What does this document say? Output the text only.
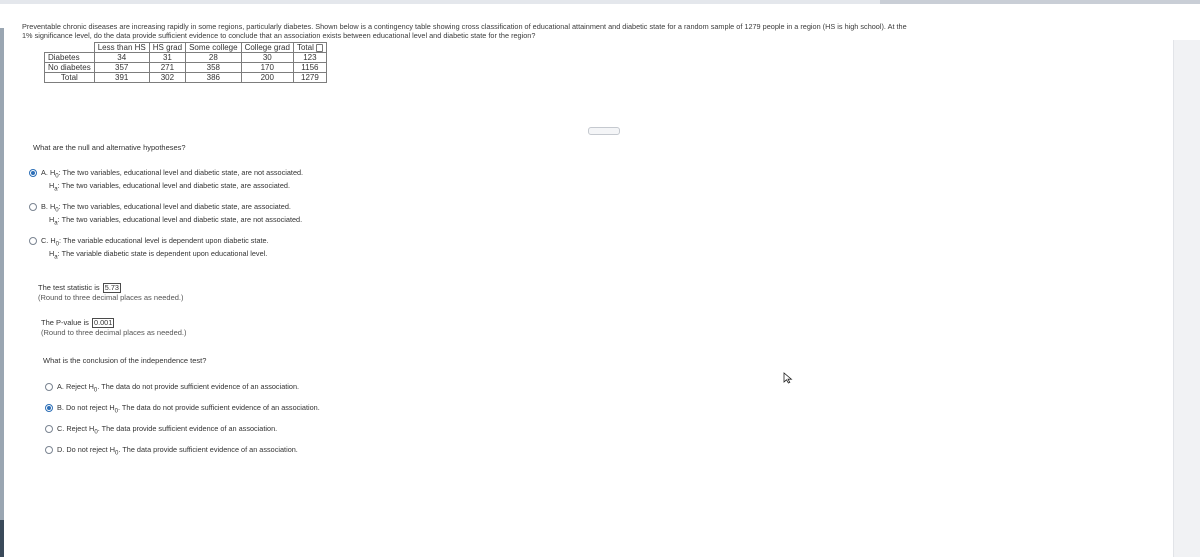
Preventable chronic diseases are increasing rapidly in some regions, particularly diabetes. Shown below is a contingency table showing cross classification of educational attainment and diabetic state for a random sample of 1279 people in a region (HS is high school). At the
1% significance level, do the data provide sufficient evidence to conclude that an association exists between educational level and diabetic state for the region?
	Less than HS	HS grad	Some college	College grad	Total
Diabetes	34	31	28	30	123
No diabetes	357	271	358	170	1156
Total	391	302	386	200	1279
What are the null and alternative hypotheses?
A. $H_0$: The two variables, educational level and diabetic state, are not associated.
$H_a$: The two variables, educational level and diabetic state, are associated.
B. $H_0$: The two variables, educational level and diabetic state, are associated.
$H_a$: The two variables, educational level and diabetic state, are not associated.
C. $H_0$: The variable educational level is dependent upon diabetic state.
$H_a$: The variable diabetic state is dependent upon educational level.
The test statistic is 5.73
(Round to three decimal places as needed.)
The P-value is 0.001
(Round to three decimal places as needed.)
What is the conclusion of the independence test?
A. Reject $H_0$. The data do not provide sufficient evidence of an association.
B. Do not reject $H_0$. The data do not provide sufficient evidence of an association.
C. Reject $H_0$. The data provide sufficient evidence of an association.
D. Do not reject $H_0$. The data provide sufficient evidence of an association.
